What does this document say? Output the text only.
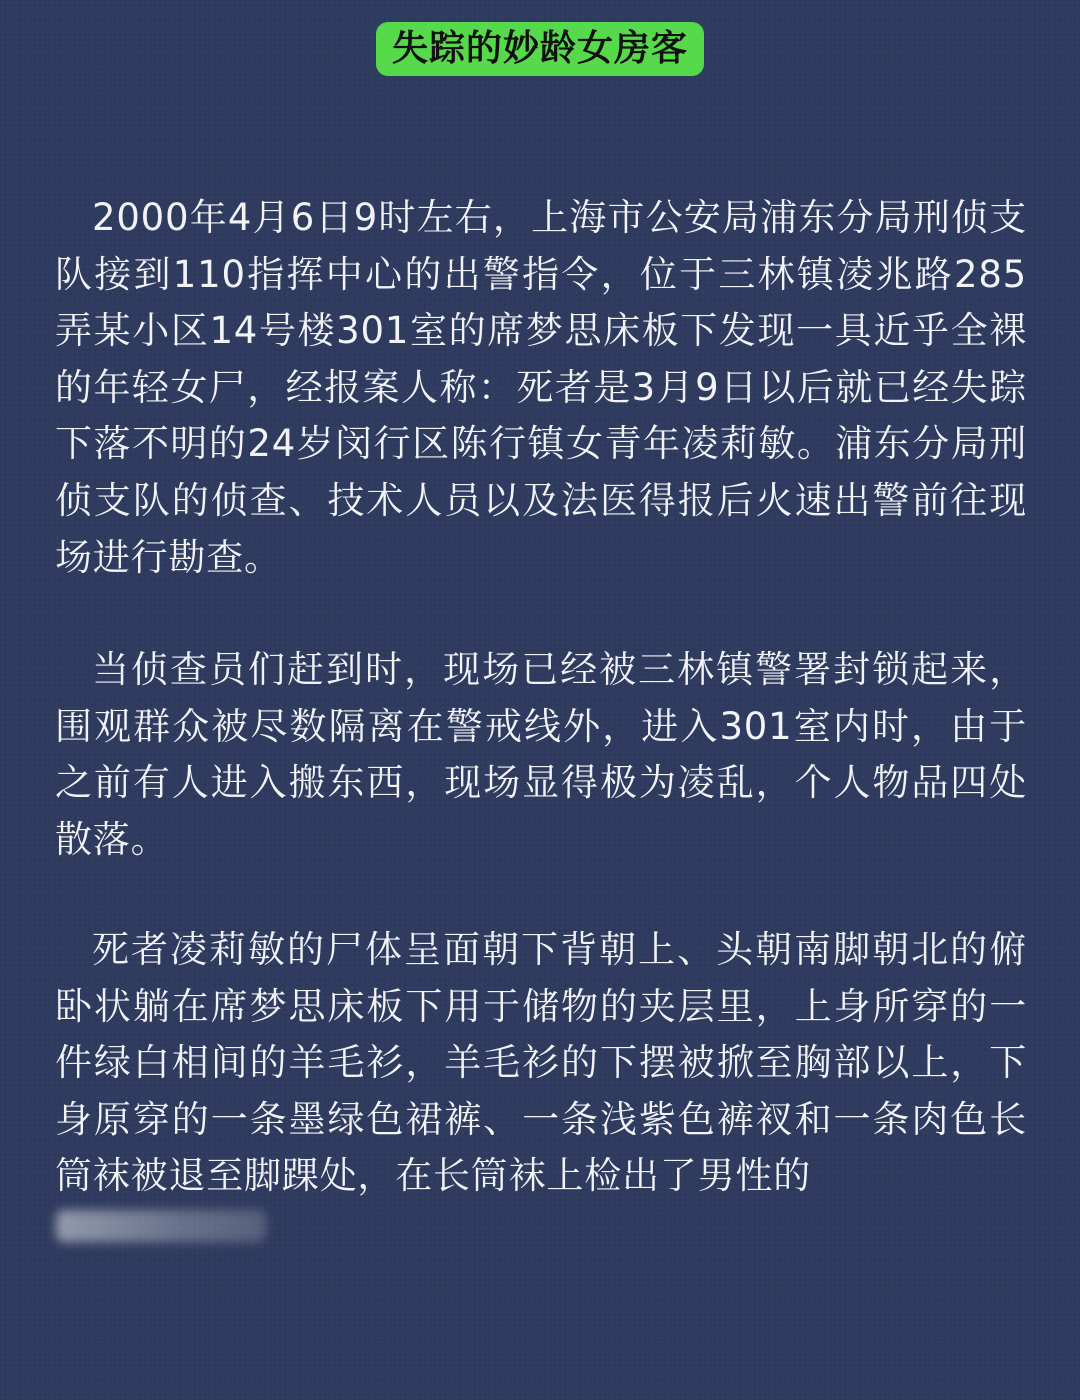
失踪的妙龄女房客

2000年4月6日9时左右，上海市公安局浦东分局刑侦支队接到110指挥中心的出警指令，位于三林镇凌兆路285弄某小区14号楼301室的席梦思床板下发现一具近乎全裸的年轻女尸，经报案人称：死者是3月9日以后就已经失踪下落不明的24岁闵行区陈行镇女青年凌莉敏。浦东分局刑侦支队的侦查、技术人员以及法医得报后火速出警前往现场进行勘查。

当侦查员们赶到时，现场已经被三林镇警署封锁起来，围观群众被尽数隔离在警戒线外，进入301室内时，由于之前有人进入搬东西，现场显得极为凌乱，个人物品四处散落。

死者凌莉敏的尸体呈面朝下背朝上、头朝南脚朝北的俯卧状躺在席梦思床板下用于储物的夹层里，上身所穿的一件绿白相间的羊毛衫，羊毛衫的下摆被掀至胸部以上，下身原穿的一条墨绿色裙裤、一条浅紫色裤衩和一条肉色长筒袜被退至脚踝处，在长筒袜上检出了男性的
